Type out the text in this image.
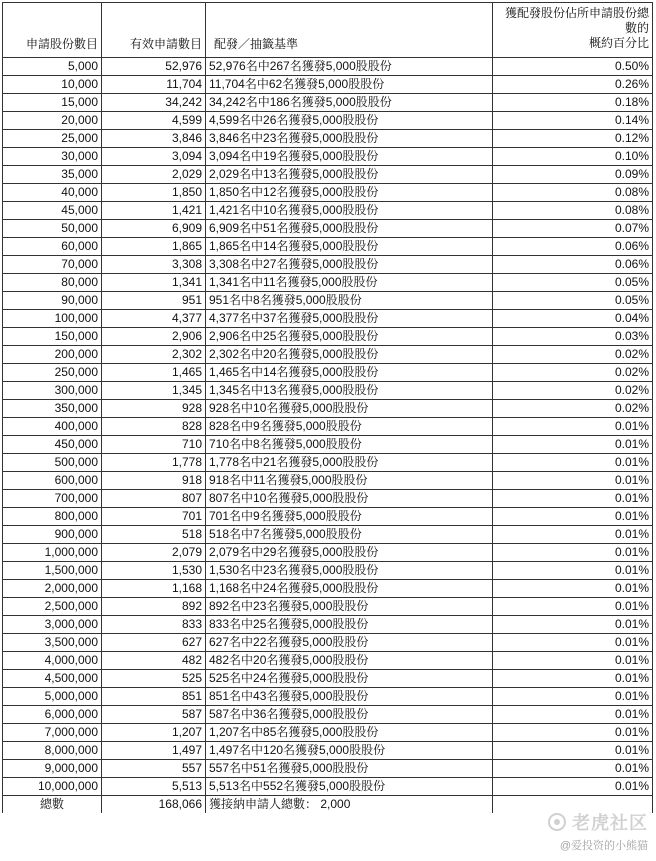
申請股份數目	有效申請數目	配發／抽籤基準	獲配發股份佔所申請股份總數的
概約百分比

5,000	52,976	52,976名中267名獲發5,000股股份	0.50%
10,000	11,704	11,704名中62名獲發5,000股股份	0.26%
15,000	34,242	34,242名中186名獲發5,000股股份	0.18%
20,000	4,599	4,599名中26名獲發5,000股股份	0.14%
25,000	3,846	3,846名中23名獲發5,000股股份	0.12%
30,000	3,094	3,094名中19名獲發5,000股股份	0.10%
35,000	2,029	2,029名中13名獲發5,000股股份	0.09%
40,000	1,850	1,850名中12名獲發5,000股股份	0.08%
45,000	1,421	1,421名中10名獲發5,000股股份	0.08%
50,000	6,909	6,909名中51名獲發5,000股股份	0.07%
60,000	1,865	1,865名中14名獲發5,000股股份	0.06%
70,000	3,308	3,308名中27名獲發5,000股股份	0.06%
80,000	1,341	1,341名中11名獲發5,000股股份	0.05%
90,000	951	951名中8名獲發5,000股股份	0.05%
100,000	4,377	4,377名中37名獲發5,000股股份	0.04%
150,000	2,906	2,906名中25名獲發5,000股股份	0.03%
200,000	2,302	2,302名中20名獲發5,000股股份	0.02%
250,000	1,465	1,465名中14名獲發5,000股股份	0.02%
300,000	1,345	1,345名中13名獲發5,000股股份	0.02%
350,000	928	928名中10名獲發5,000股股份	0.02%
400,000	828	828名中9名獲發5,000股股份	0.01%
450,000	710	710名中8名獲發5,000股股份	0.01%
500,000	1,778	1,778名中21名獲發5,000股股份	0.01%
600,000	918	918名中11名獲發5,000股股份	0.01%
700,000	807	807名中10名獲發5,000股股份	0.01%
800,000	701	701名中9名獲發5,000股股份	0.01%
900,000	518	518名中7名獲發5,000股股份	0.01%
1,000,000	2,079	2,079名中29名獲發5,000股股份	0.01%
1,500,000	1,530	1,530名中23名獲發5,000股股份	0.01%
2,000,000	1,168	1,168名中24名獲發5,000股股份	0.01%
2,500,000	892	892名中23名獲發5,000股股份	0.01%
3,000,000	833	833名中25名獲發5,000股股份	0.01%
3,500,000	627	627名中22名獲發5,000股股份	0.01%
4,000,000	482	482名中20名獲發5,000股股份	0.01%
4,500,000	525	525名中24名獲發5,000股股份	0.01%
5,000,000	851	851名中43名獲發5,000股股份	0.01%
6,000,000	587	587名中36名獲發5,000股股份	0.01%
7,000,000	1,207	1,207名中85名獲發5,000股股份	0.01%
8,000,000	1,497	1,497名中120名獲發5,000股股份	0.01%
9,000,000	557	557名中51名獲發5,000股股份	0.01%
10,000,000	5,513	5,513名中552名獲發5,000股股份	0.01%
總數	168,066	獲接納申請人總數： 2,000	
老虎社区
@爱投资的小熊猫
